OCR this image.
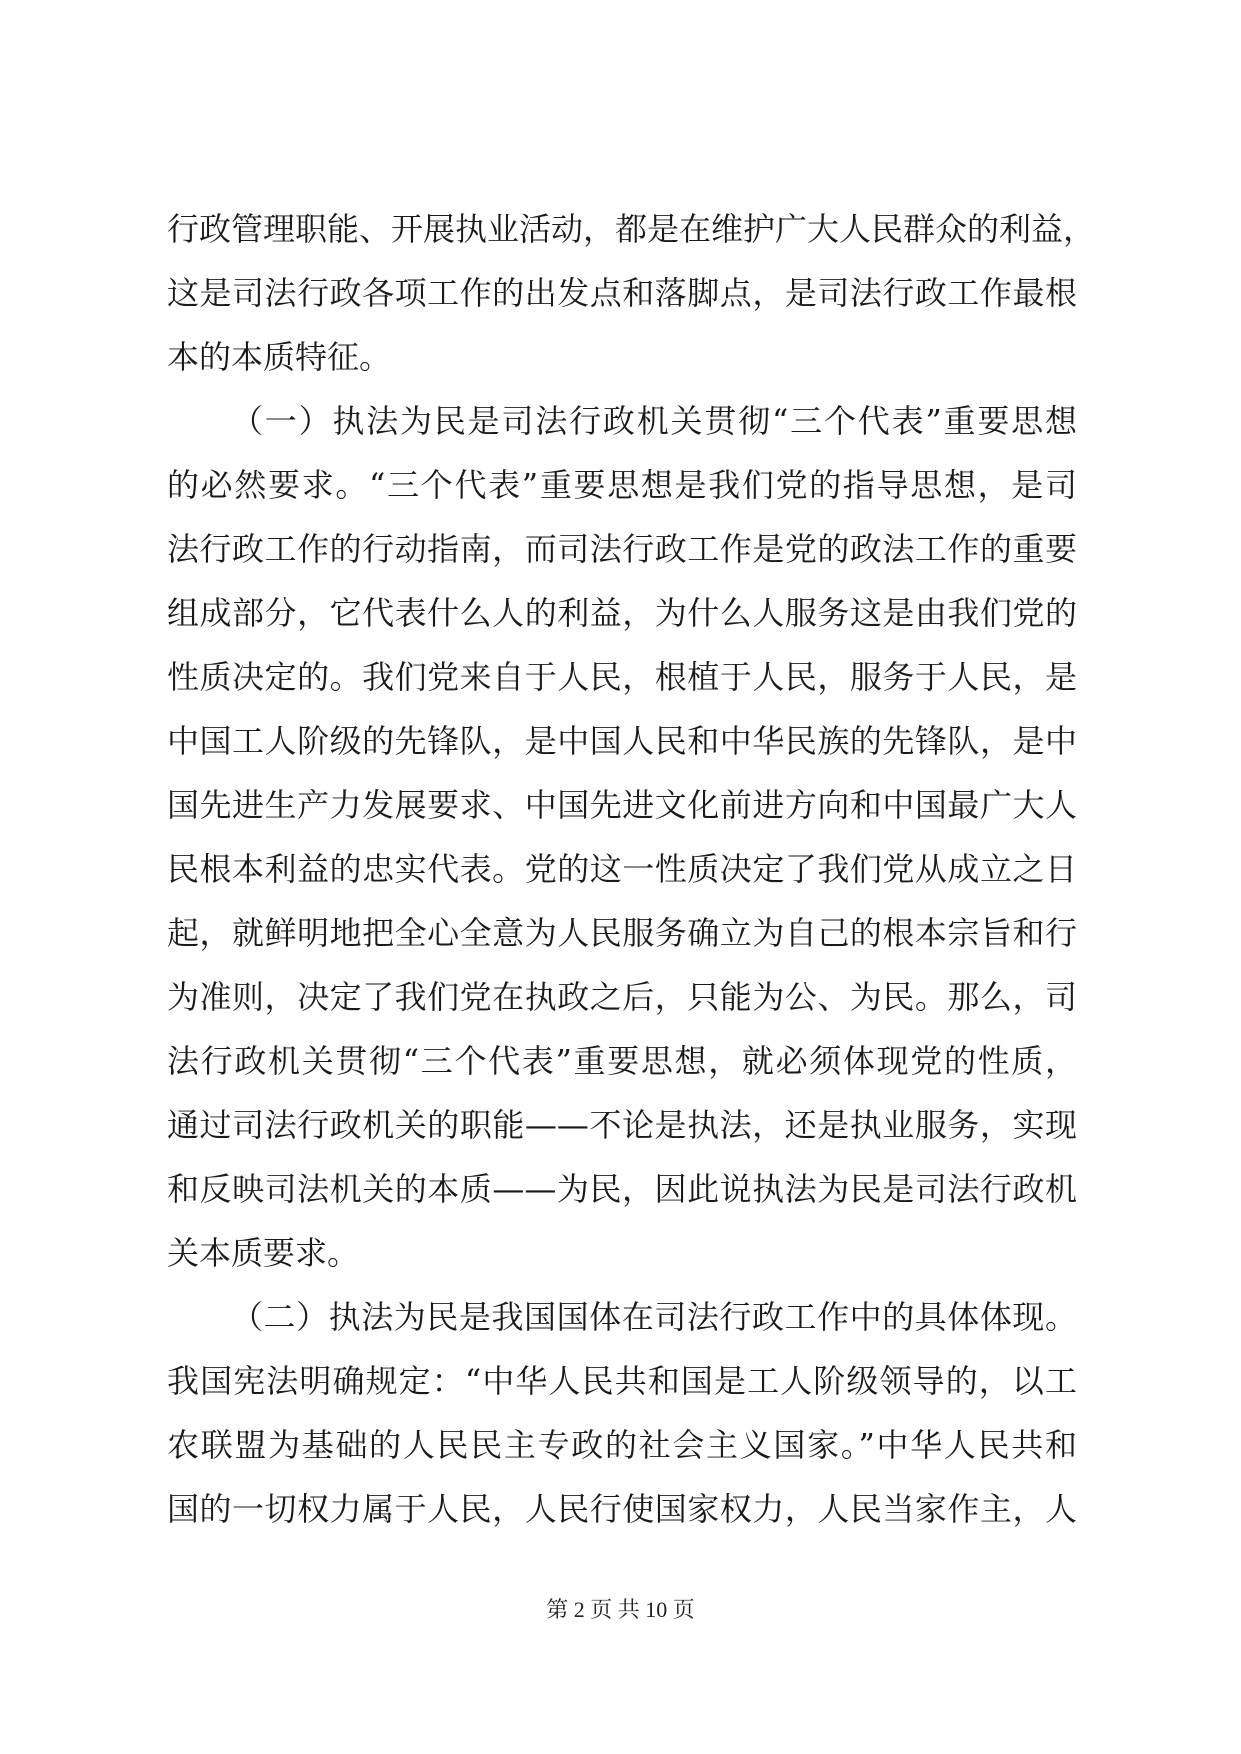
行政管理职能、开展执业活动，都是在维护广大人民群众的利益，
这是司法行政各项工作的出发点和落脚点，是司法行政工作最根
本的本质特征。
（一）执法为民是司法行政机关贯彻“三个代表”重要思想
的必然要求。“三个代表”重要思想是我们党的指导思想，是司
法行政工作的行动指南，而司法行政工作是党的政法工作的重要
组成部分，它代表什么人的利益，为什么人服务这是由我们党的
性质决定的。我们党来自于人民，根植于人民，服务于人民，是
中国工人阶级的先锋队，是中国人民和中华民族的先锋队，是中
国先进生产力发展要求、中国先进文化前进方向和中国最广大人
民根本利益的忠实代表。党的这一性质决定了我们党从成立之日
起，就鲜明地把全心全意为人民服务确立为自己的根本宗旨和行
为准则，决定了我们党在执政之后，只能为公、为民。那么，司
法行政机关贯彻“三个代表”重要思想，就必须体现党的性质，
通过司法行政机关的职能——不论是执法，还是执业服务，实现
和反映司法机关的本质——为民，因此说执法为民是司法行政机
关本质要求。
（二）执法为民是我国国体在司法行政工作中的具体体现。
我国宪法明确规定：“中华人民共和国是工人阶级领导的，以工
农联盟为基础的人民民主专政的社会主义国家。”中华人民共和
国的一切权力属于人民，人民行使国家权力，人民当家作主，人
第 2 页 共 10 页
